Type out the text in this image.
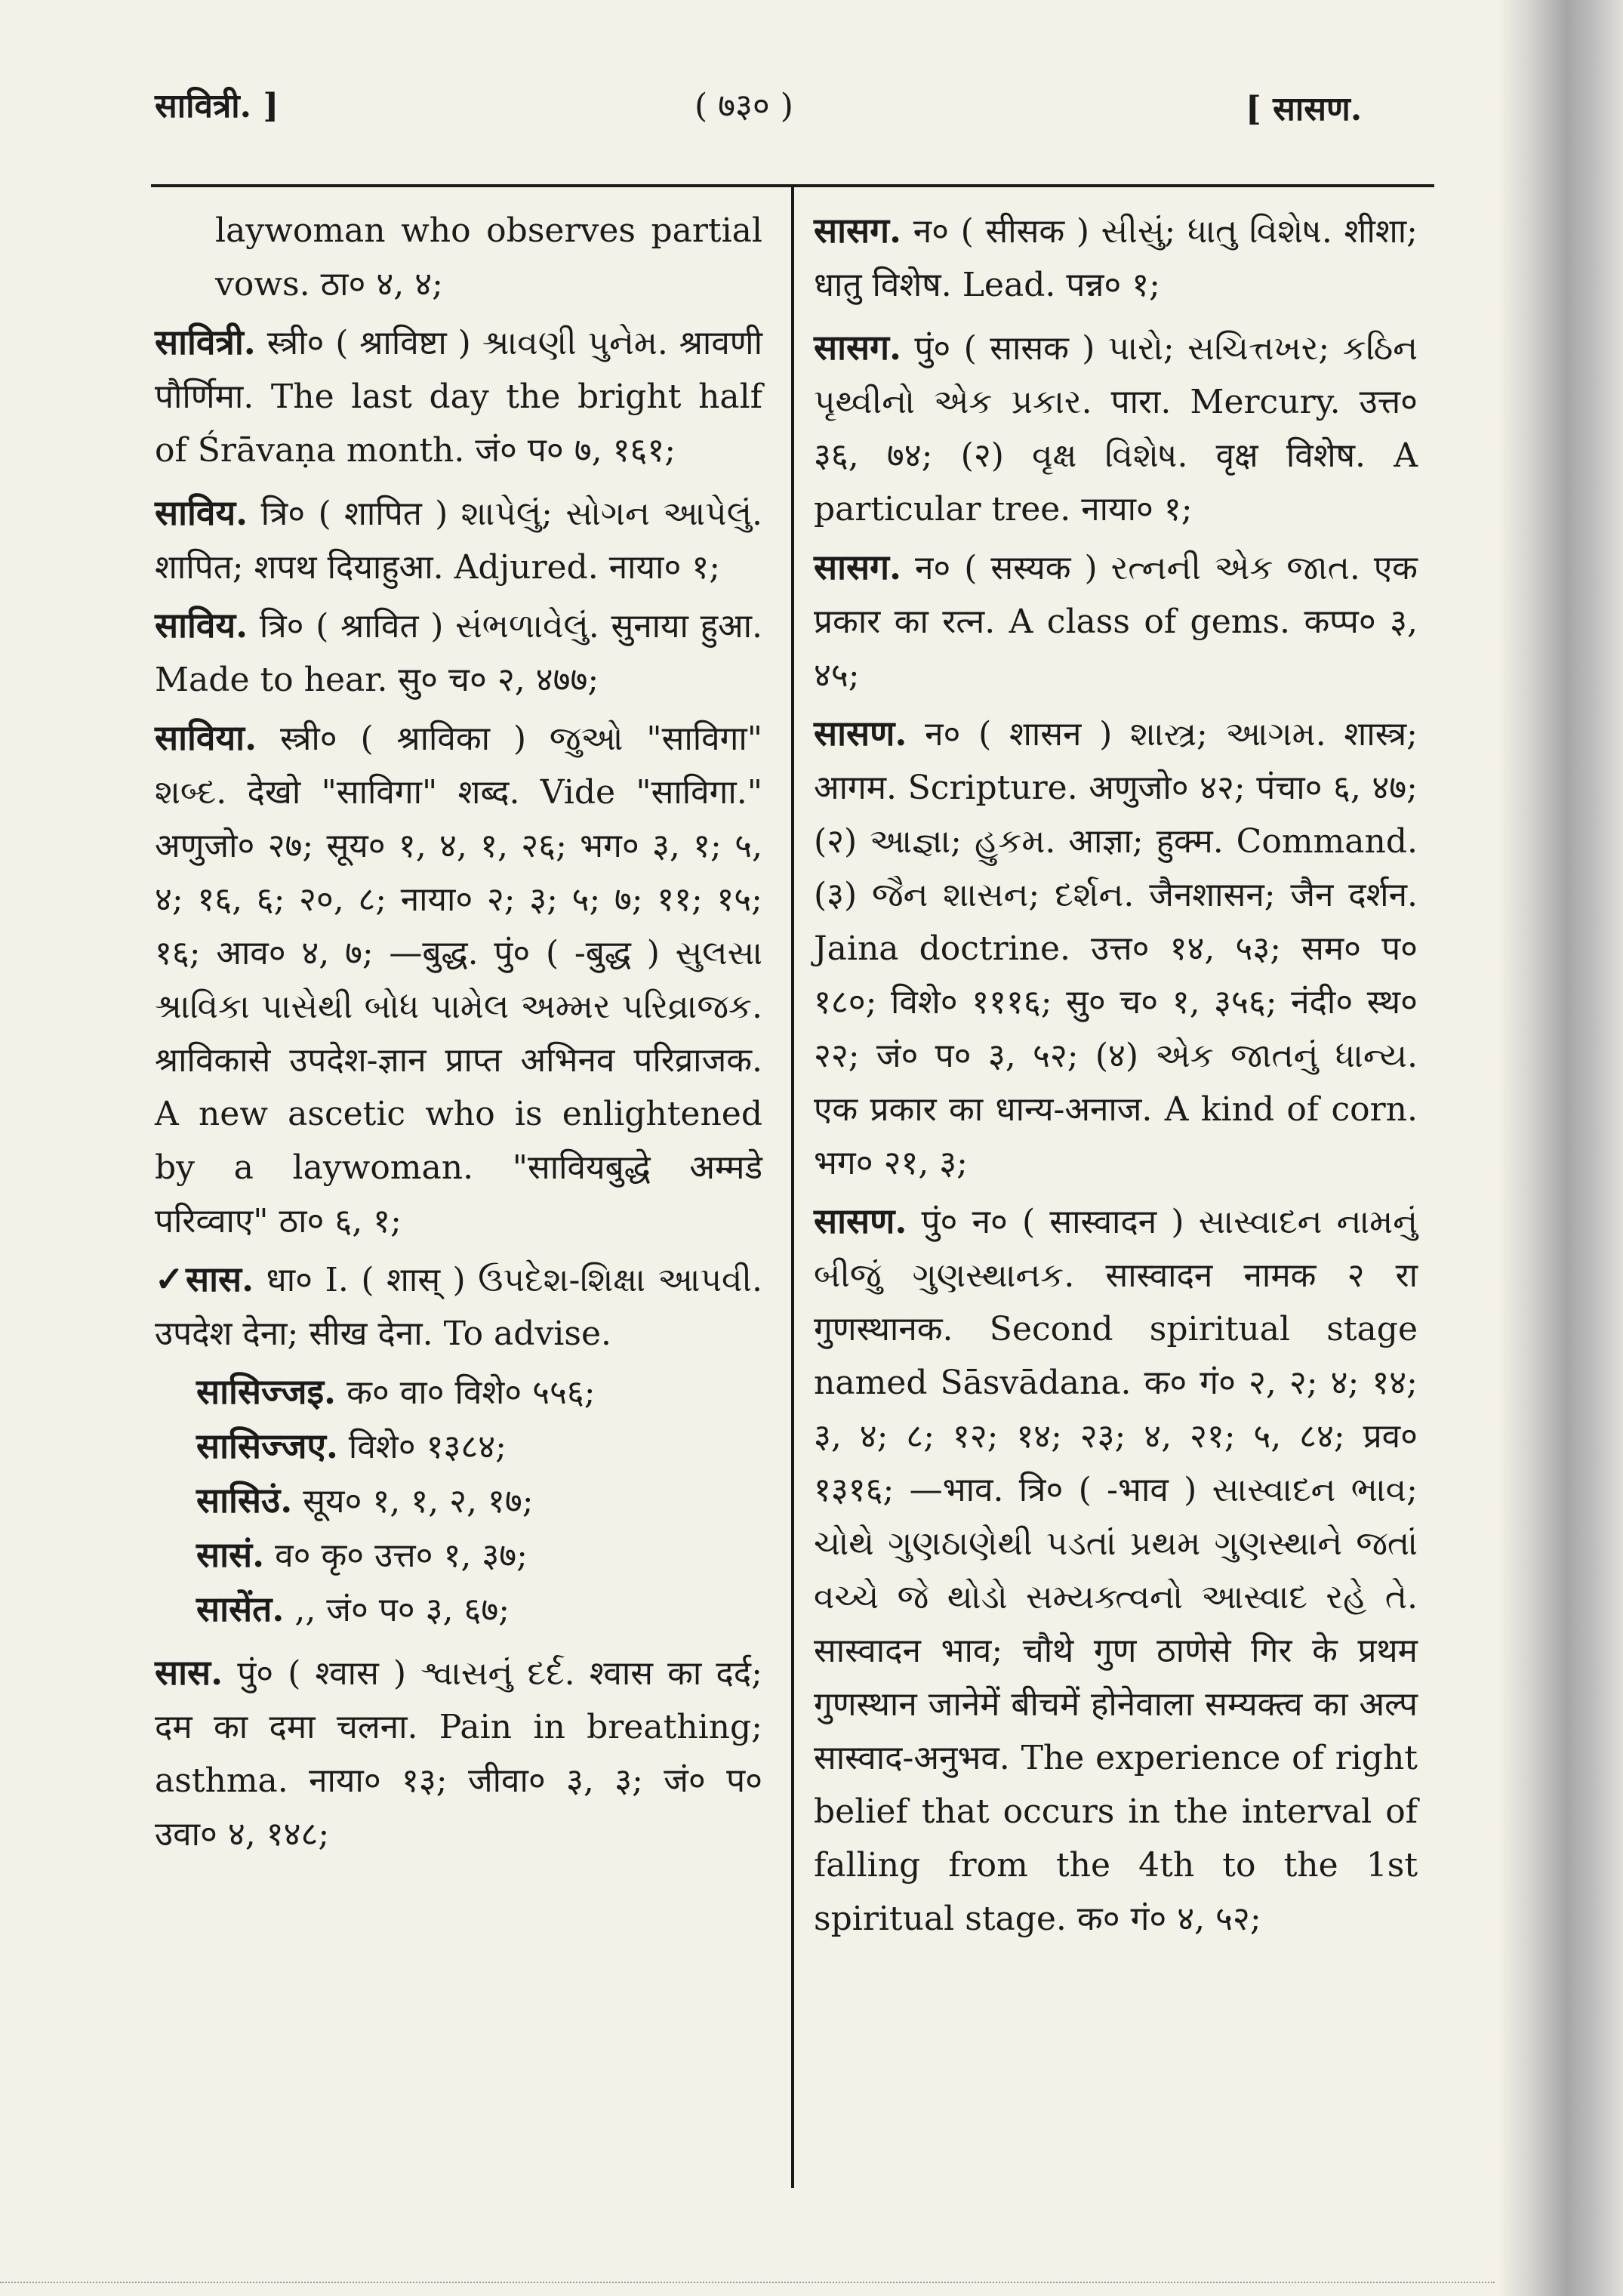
सावित्री. ]	( ७३० )	[ सासण.

laywoman who observes partial vows. ठा० ४, ४;

सावित्री. स्त्री० ( श्राविष्टा ) શ્રાવણી પુનેમ. श्रावणी पौर्णिमा. The last day the bright half of Śrāvaṇa month. जं० प० ७, १६१;
साविय. त्रि० ( शापित ) શાપેલું; સોગન આપેલું. शापित; शपथ दियाहुआ. Adjured. नाया० १;
साविय. त्रि० ( श्रावित ) સંભળાવેલું. सुनाया हुआ. Made to hear. सु० च० २, ४७७;
साविया. स्त्री० ( श्राविका ) જુઓ "साविगा" શબ્દ. देखो "साविगा" शब्द. Vide "साविगा." अणुजो० २७; सूय० १, ४, १, २६; भग० ३, १; ५, ४; १६, ६; २०, ८; नाया० २; ३; ५; ७; ११; १५; १६; आव० ४, ७; —बुद्ध. पुं० ( -बुद्ध ) સુલસા શ્રાવિકા પાસેથી બોધ પામેલ અમ્મર પરિવ્રાજક. श्राविकासे उपदेश-ज्ञान प्राप्त अभिनव परिव्राजक. A new ascetic who is enlightened by a laywoman. "सावियबुद्धे अम्मडे परिव्वाए" ठा० ६, १;
✓सास. धा० I. ( शास् ) ઉપદેશ-શિક્ષા આપવી. उपदेश देना; सीख देना. To advise.

सासिज्जइ. क० वा० विशे० ५५६;

सासिज्जए. विशे० १३८४;

सासिउं. सूय० १, १, २, १७;

सासं. व० कृ० उत्त० १, ३७;

सासेंत. ,, जं० प० ३, ६७;

सास. पुं० ( श्वास ) શ્વાસનું દર્દ. श्वास का दर्द; दम का दमा चलना. Pain in breathing; asthma. नाया० १३; जीवा० ३, ३; जं० प० उवा० ४, १४८;
सासग. न० ( सीसक ) સીસું; ધાતુ વિશેષ. शीशा; धातु विशेष. Lead. पन्न० १;
सासग. पुं० ( सासक ) પારો; સચિત્તખર; કઠિન પૃથ્વીનો એક પ્રકાર. पारा. Mercury. उत्त० ३६, ७४; (२) વૃક્ષ વિશેષ. वृक्ष विशेष. A particular tree. नाया० १;
सासग. न० ( सस्यक ) રત્નની એક જાત. एक प्रकार का रत्न. A class of gems. कप्प० ३, ४५;
सासण. न० ( शासन ) શાસ્ત્ર; આગમ. शास्त्र; आगम. Scripture. अणुजो० ४२; पंचा० ६, ४७; (२) આજ્ઞા; હુકમ. आज्ञा; हुक्म. Command. (३) જૈન શાસન; દર્શન. जैनशासन; जैन दर्शन. Jaina doctrine. उत्त० १४, ५३; सम० प० १८०; विशे० १११६; सु० च० १, ३५६; नंदी० स्थ० २२; जं० प० ३, ५२; (४) એક જાતનું ધાન્ય. एक प्रकार का धान्य-अनाज. A kind of corn. भग० २१, ३;
सासण. पुं० न० ( सास्वादन ) સાસ્વાદન નામનું બીજું ગુણસ્થાનક. सास्वादन नामक २ रा गुणस्थानक. Second spiritual stage named Sāsvādana. क० गं० २, २; ४; १४; ३, ४; ८; १२; १४; २३; ४, २१; ५, ८४; प्रव० १३१६; —भाव. त्रि० ( -भाव ) સાસ્વાદન ભાવ; ચોથે ગુણઠાણેથી પડતાં પ્રથમ ગુણસ્થાને જતાં વચ્ચે જે થોડો સમ્યક્ત્વનો આસ્વાદ રહે તે. सास्वादन भाव; चौथे गुण ठाणेसे गिर के प्रथम गुणस्थान जानेमें बीचमें होनेवाला सम्यक्त्व का अल्प सास्वाद-अनुभव. The experience of right belief that occurs in the interval of falling from the 4th to the 1st spiritual stage. क० गं० ४, ५२;
